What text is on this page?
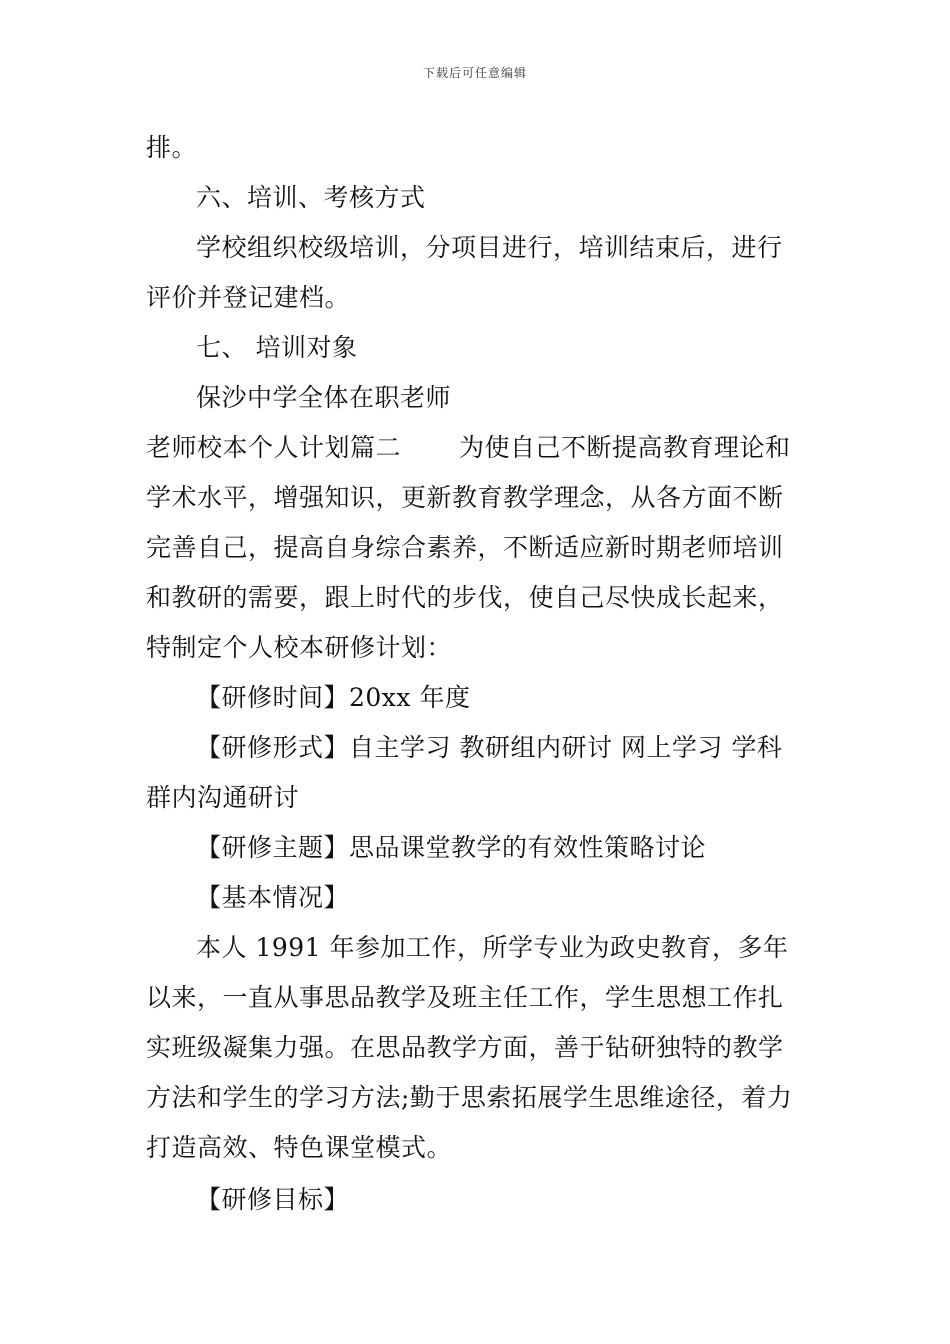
下载后可任意编辑

排。

六、培训、考核方式

学校组织校级培训，分项目进行，培训结束后，进行评价并登记建档。

七、 培训对象

保沙中学全体在职老师

老师校本个人计划篇二 为使自己不断提高教育理论和学术水平，增强知识，更新教育教学理念，从各方面不断完善自己，提高自身综合素养，不断适应新时期老师培训和教研的需要，跟上时代的步伐，使自己尽快成长起来，特制定个人校本研修计划：

【研修时间】20xx 年度

【研修形式】自主学习 教研组内研讨 网上学习 学科群内沟通研讨

【研修主题】思品课堂教学的有效性策略讨论

【基本情况】

本人 1991 年参加工作，所学专业为政史教育，多年以来，一直从事思品教学及班主任工作，学生思想工作扎实班级凝集力强。在思品教学方面，善于钻研独特的教学方法和学生的学习方法;勤于思索拓展学生思维途径，着力打造高效、特色课堂模式。

【研修目标】
